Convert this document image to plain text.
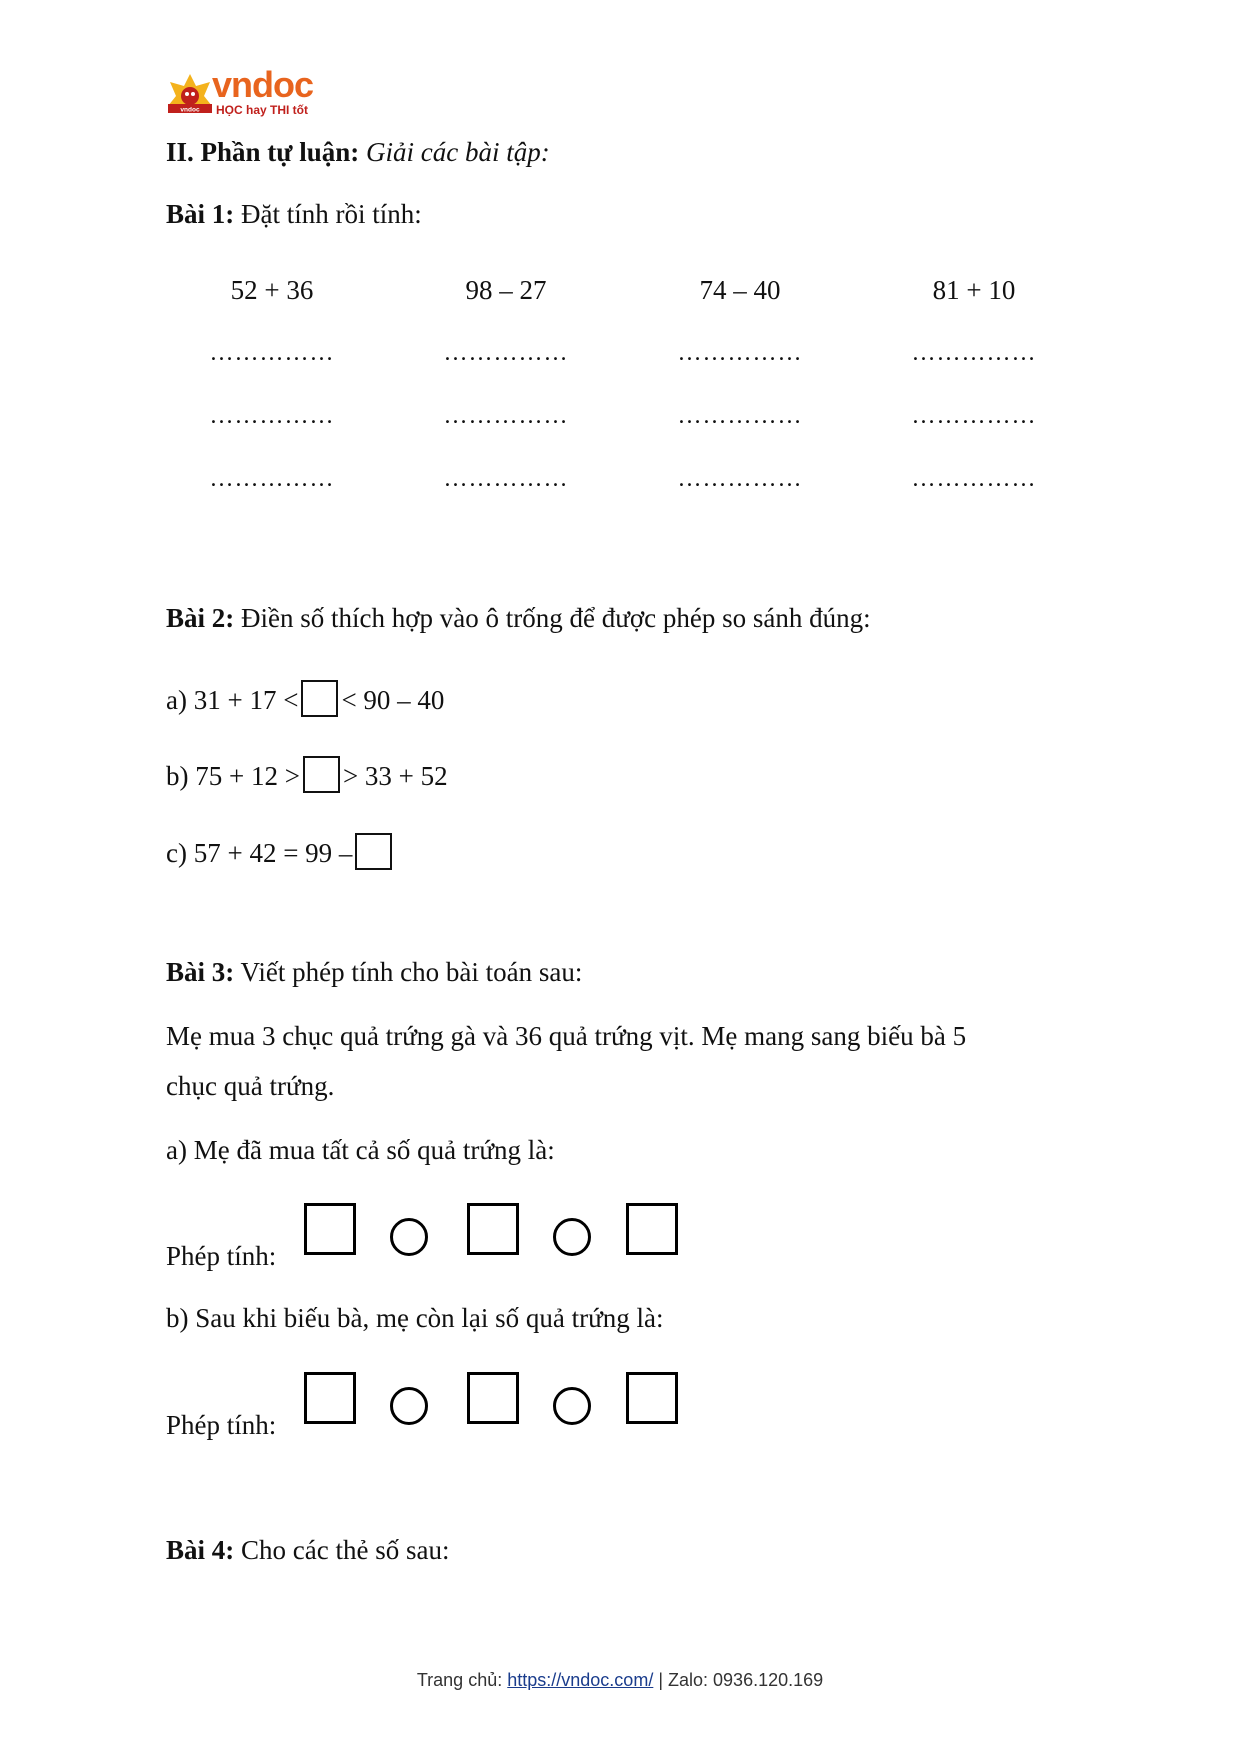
vndoc
vndoc
HỌC hay THI tốt
II. Phần tự luận: Giải các bài tập:
Bài 1: Đặt tính rồi tính:
52 + 36	98 – 27	74 – 40	81 + 10
……………	……………	……………	……………
……………	……………	……………	……………
……………	……………	……………	……………
Bài 2: Điền số thích hợp vào ô trống để được phép so sánh đúng:
a) 31 + 17 < < 90 – 40
b) 75 + 12 > > 33 + 52
c) 57 + 42 = 99 –
Bài 3: Viết phép tính cho bài toán sau:
Mẹ mua 3 chục quả trứng gà và 36 quả trứng vịt. Mẹ mang sang biếu bà 5
chục quả trứng.
a) Mẹ đã mua tất cả số quả trứng là:
Phép tính:
b) Sau khi biếu bà, mẹ còn lại số quả trứng là:
Phép tính:
Bài 4: Cho các thẻ số sau:
Trang chủ: https://vndoc.com/ | Zalo: 0936.120.169
